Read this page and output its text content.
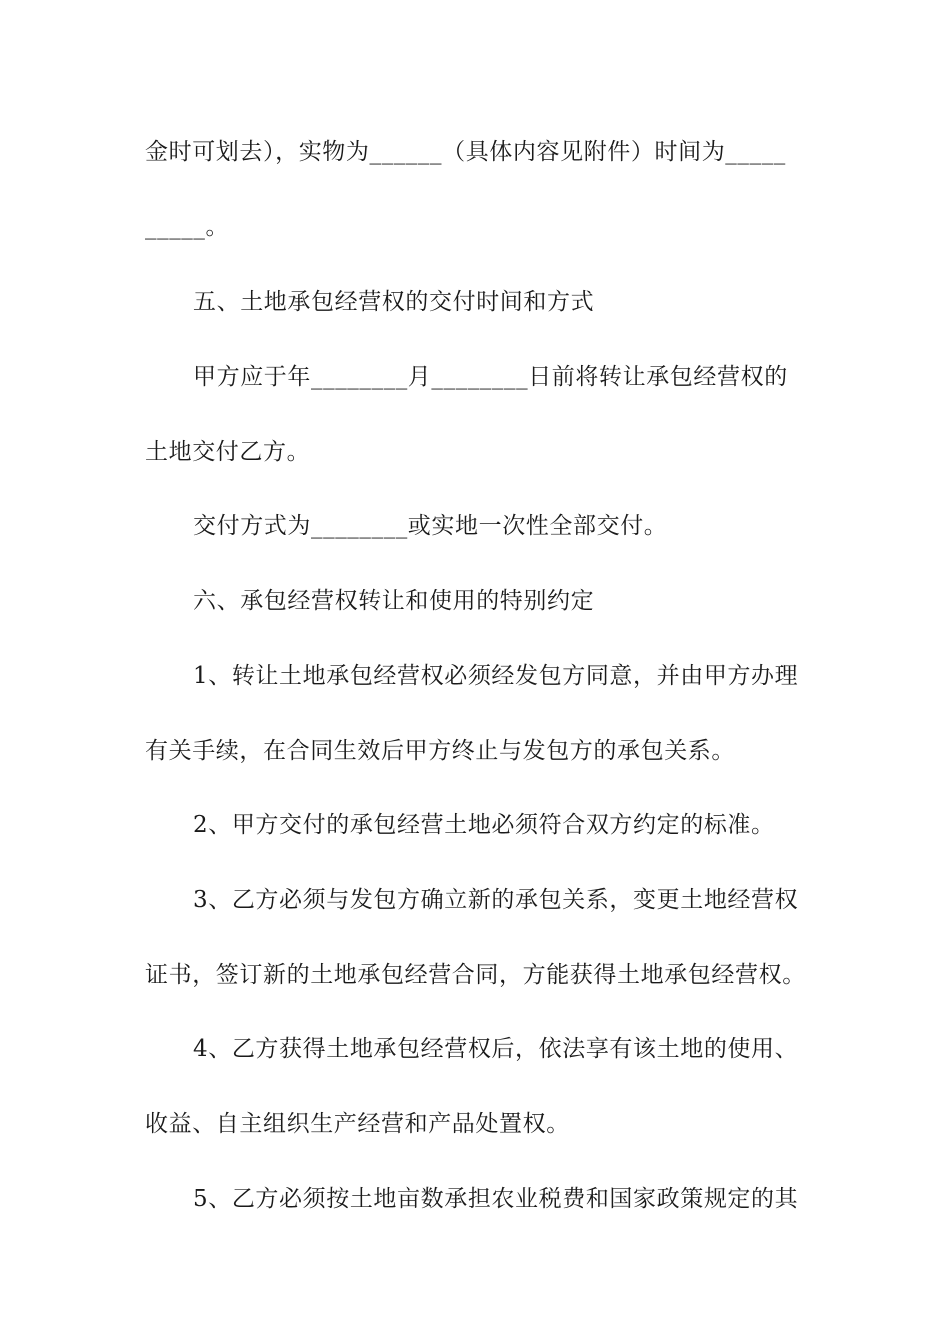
金时可划去），实物为______（具体内容见附件）时间为_____
_____。
五、土地承包经营权的交付时间和方式
甲方应于年________月________日前将转让承包经营权的
土地交付乙方。
交付方式为________或实地一次性全部交付。
六、承包经营权转让和使用的特别约定
1、转让土地承包经营权必须经发包方同意，并由甲方办理
有关手续，在合同生效后甲方终止与发包方的承包关系。
2、甲方交付的承包经营土地必须符合双方约定的标准。
3、乙方必须与发包方确立新的承包关系，变更土地经营权
证书，签订新的土地承包经营合同，方能获得土地承包经营权。
4、乙方获得土地承包经营权后，依法享有该土地的使用、
收益、自主组织生产经营和产品处置权。
5、乙方必须按土地亩数承担农业税费和国家政策规定的其
